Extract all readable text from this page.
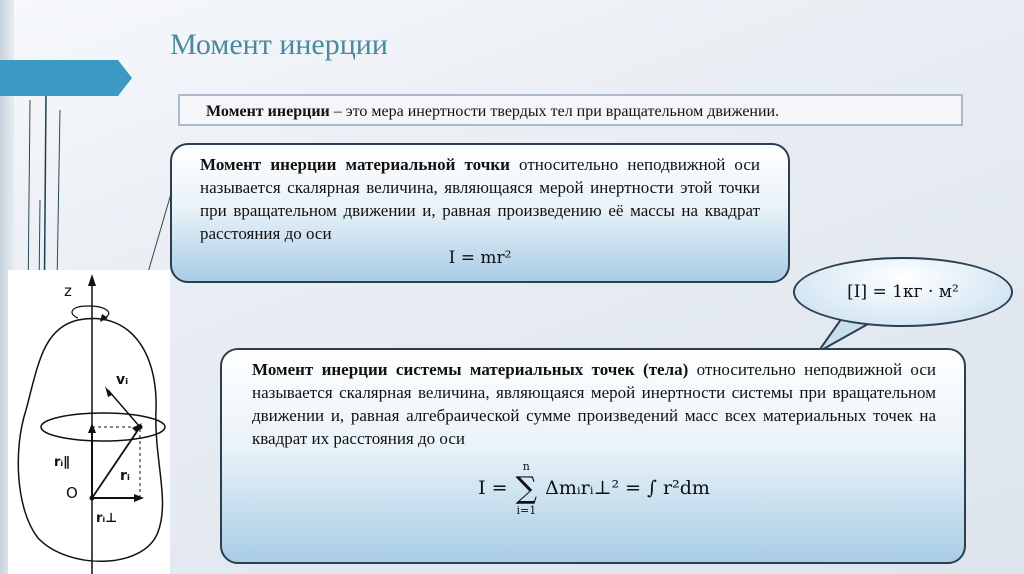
Момент инерции
Момент инерции – это мера инертности твердых тел при вращательном движении.
Момент инерции материальной точки относительно неподвижной оси называется скалярная величина, являющаяся мерой инертности этой точки при вращательном движении и, равная произведению её массы на квадрат расстояния до оси
I = mr²
[I] = 1кг · м²
Момент инерции системы материальных точек (тела) относительно неподвижной оси называется скалярная величина, являющаяся мерой инертности системы при вращательном движении и, равная алгебраической сумме произведений масс всех материальных точек на квадрат их расстояния до оси
I =
n
∑
i=1
Δmᵢrᵢ⊥² = ∫ r²dm
z
O
vᵢ
rᵢ
rᵢ∥
rᵢ⊥
